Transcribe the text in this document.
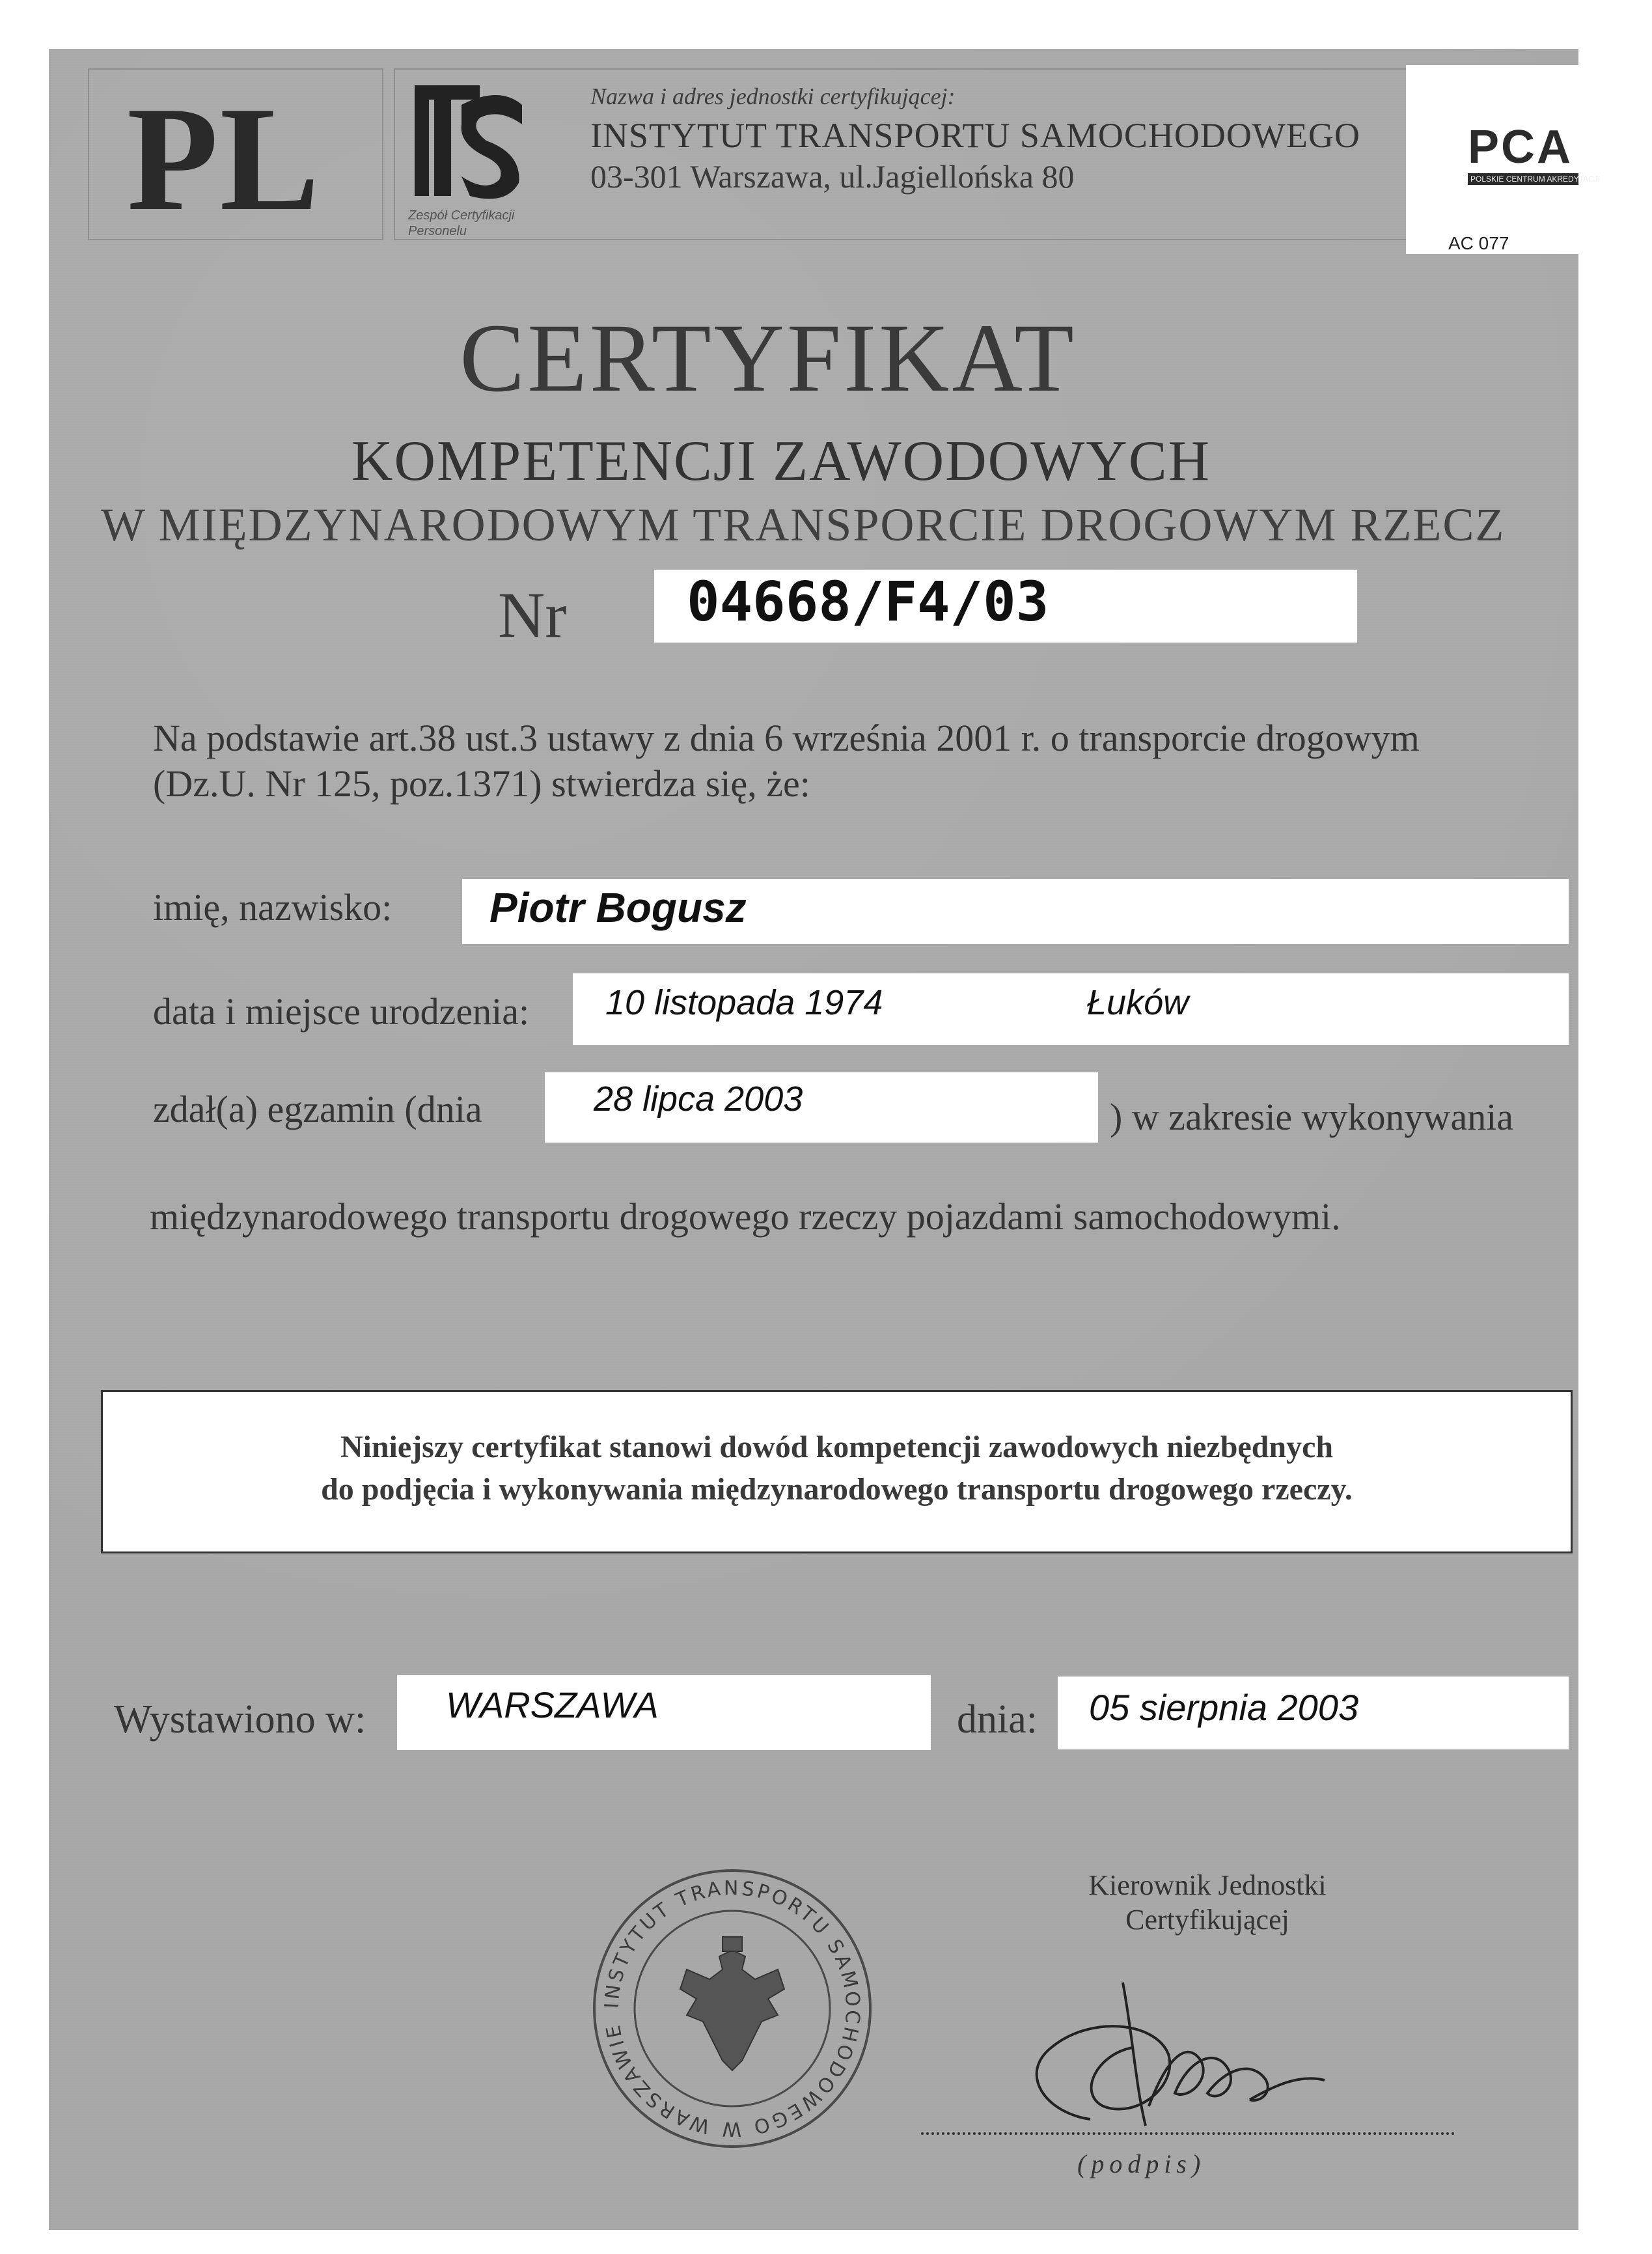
PL	Zespół Certyfikacji Personelu
Nazwa i adres jednostki certyfikującej:
INSTYTUT TRANSPORTU SAMOCHODOWEGO
03-301 Warszawa, ul.Jagiellońska 80
PCA
POLSKIE CENTRUM AKREDYTACJI
AC 077
CERTYFIKAT
KOMPETENCJI ZAWODOWYCH
W MIĘDZYNARODOWYM TRANSPORCIE DROGOWYM RZECZ
Nr 04668/F4/03
Na podstawie art.38 ust.3 ustawy z dnia 6 września 2001 r. o transporcie drogowym
(Dz.U. Nr 125, poz.1371) stwierdza się, że:
imię, nazwisko: Piotr Bogusz
data i miejsce urodzenia: 10 listopada 1974	Łuków
zdał(a) egzamin (dnia	28 lipca 2003	) w zakresie wykonywania
międzynarodowego transportu drogowego rzeczy pojazdami samochodowymi.
Niniejszy certyfikat stanowi dowód kompetencji zawodowych niezbędnych
do podjęcia i wykonywania międzynarodowego transportu drogowego rzeczy.
Wystawiono w: WARSZAWA	dnia: 05 sierpnia 2003
INSTYTUT TRANSPORTU SAMOCHODOWEGO W WARSZAWIE
Kierownik Jednostki
Certyfikującej
(podpis)
